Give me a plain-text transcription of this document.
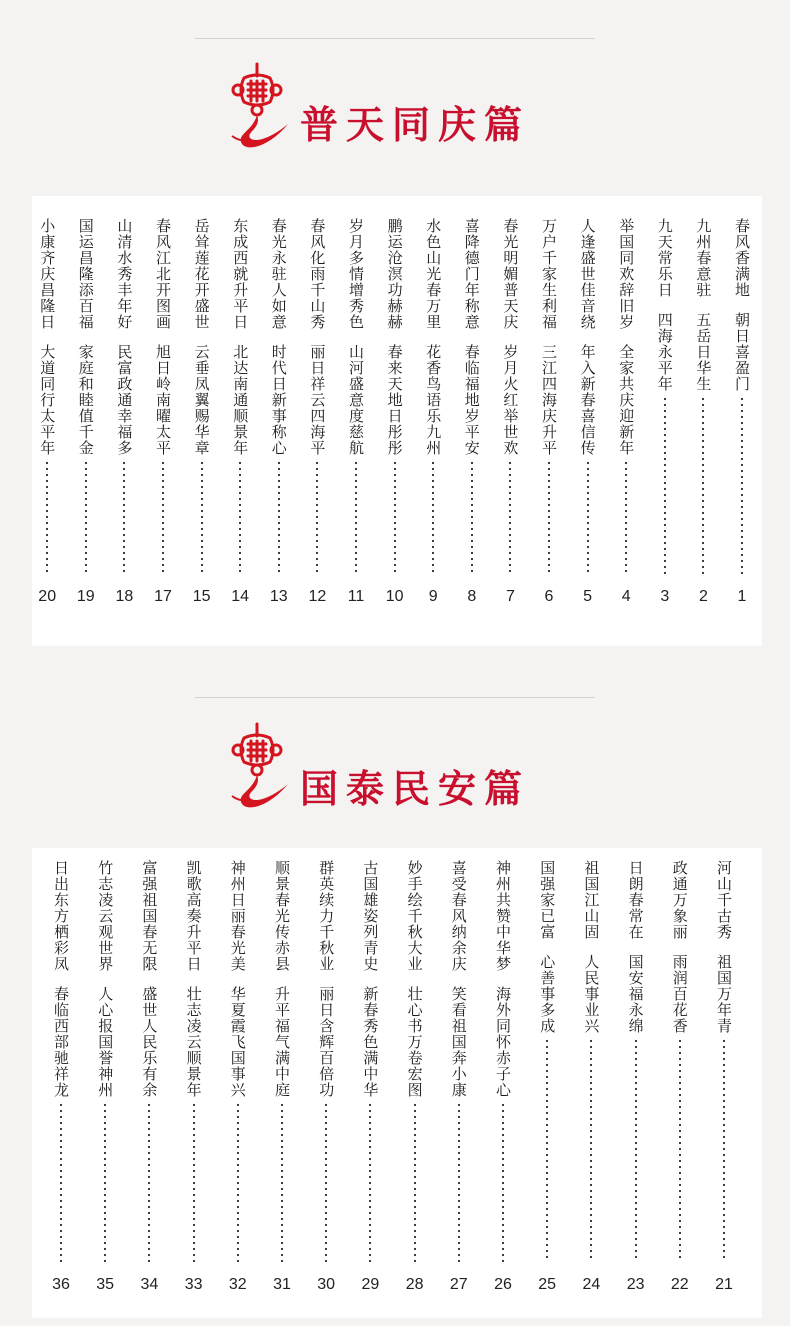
普天同庆篇
春风香满地
朝日喜盈门
1
九州春意驻
五岳日华生
2
九天常乐日
四海永平年
3
举国同欢辞旧岁
全家共庆迎新年
4
人逢盛世佳音绕
年入新春喜信传
5
万户千家生利福
三江四海庆升平
6
春光明媚普天庆
岁月火红举世欢
7
喜降德门年称意
春临福地岁平安
8
水色山光春万里
花香鸟语乐九州
9
鹏运沧溟功赫赫
春来天地日彤彤
10
岁月多情增秀色
山河盛意度慈航
11
春风化雨千山秀
丽日祥云四海平
12
春光永驻人如意
时代日新事称心
13
东成西就升平日
北达南通顺景年
14
岳耸莲花开盛世
云垂凤翼赐华章
15
春风江北开图画
旭日岭南曜太平
17
山清水秀丰年好
民富政通幸福多
18
国运昌隆添百福
家庭和睦值千金
19
小康齐庆昌隆日
大道同行太平年
20
国泰民安篇
河山千古秀
祖国万年青
21
政通万象丽
雨润百花香
22
日朗春常在
国安福永绵
23
祖国江山固
人民事业兴
24
国强家已富
心善事多成
25
神州共赞中华梦
海外同怀赤子心
26
喜受春风纳余庆
笑看祖国奔小康
27
妙手绘千秋大业
壮心书万卷宏图
28
古国雄姿列青史
新春秀色满中华
29
群英续力千秋业
丽日含辉百倍功
30
顺景春光传赤县
升平福气满中庭
31
神州日丽春光美
华夏霞飞国事兴
32
凯歌高奏升平日
壮志凌云顺景年
33
富强祖国春无限
盛世人民乐有余
34
竹志凌云观世界
人心报国誉神州
35
日出东方栖彩凤
春临西部驰祥龙
36
